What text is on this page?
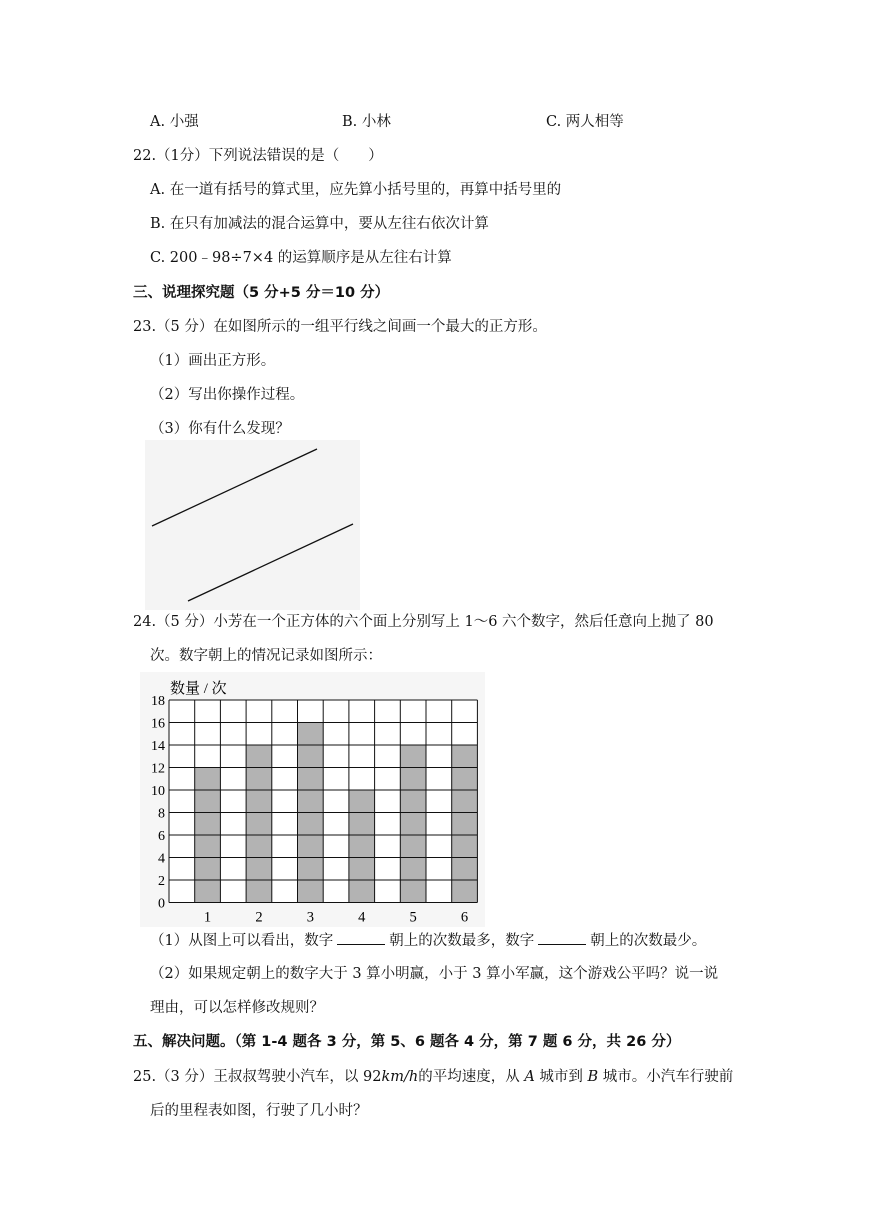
A. 小强	B. 小林	C. 两人相等
22.（1分）下列说法错误的是（　　）
A. 在一道有括号的算式里，应先算小括号里的，再算中括号里的
B. 在只有加减法的混合运算中，要从左往右依次计算
C. 200﹣98÷7×4 的运算顺序是从左往右计算
三、说理探究题（5 分+5 分＝10 分）
23.（5 分）在如图所示的一组平行线之间画一个最大的正方形。
（1）画出正方形。
（2）写出你操作过程。
（3）你有什么发现？
24.（5 分）小芳在一个正方体的六个面上分别写上 1～6 六个数字，然后任意向上抛了 80
次。数字朝上的情况记录如图所示：
数量 / 次
0
2
4
6
8
10
12
14
16
18
1	2	3	4	5	6
（1）从图上可以看出，数字	朝上的次数最多，数字	朝上的次数最少。
（2）如果规定朝上的数字大于 3 算小明赢，小于 3 算小军赢，这个游戏公平吗？说一说
理由，可以怎样修改规则？
五、解决问题。（第 1-4 题各 3 分，第 5、6 题各 4 分，第 7 题 6 分，共 26 分）
25.（3 分）王叔叔驾驶小汽车，以 92km/h的平均速度，从 A 城市到 B 城市。小汽车行驶前
后的里程表如图，行驶了几小时？
